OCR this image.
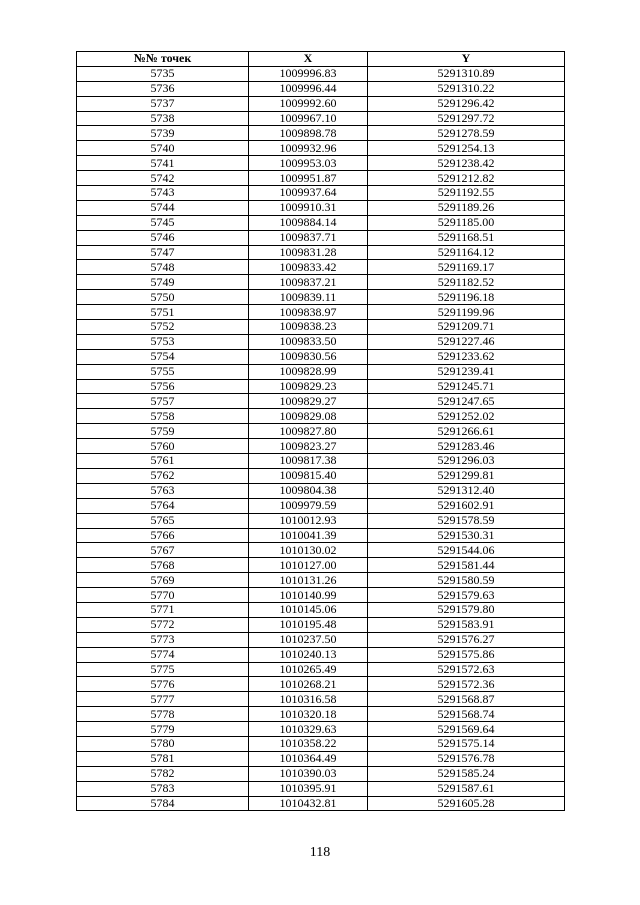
№№ точек	X	Y
5735	1009996.83	5291310.89
5736	1009996.44	5291310.22
5737	1009992.60	5291296.42
5738	1009967.10	5291297.72
5739	1009898.78	5291278.59
5740	1009932.96	5291254.13
5741	1009953.03	5291238.42
5742	1009951.87	5291212.82
5743	1009937.64	5291192.55
5744	1009910.31	5291189.26
5745	1009884.14	5291185.00
5746	1009837.71	5291168.51
5747	1009831.28	5291164.12
5748	1009833.42	5291169.17
5749	1009837.21	5291182.52
5750	1009839.11	5291196.18
5751	1009838.97	5291199.96
5752	1009838.23	5291209.71
5753	1009833.50	5291227.46
5754	1009830.56	5291233.62
5755	1009828.99	5291239.41
5756	1009829.23	5291245.71
5757	1009829.27	5291247.65
5758	1009829.08	5291252.02
5759	1009827.80	5291266.61
5760	1009823.27	5291283.46
5761	1009817.38	5291296.03
5762	1009815.40	5291299.81
5763	1009804.38	5291312.40
5764	1009979.59	5291602.91
5765	1010012.93	5291578.59
5766	1010041.39	5291530.31
5767	1010130.02	5291544.06
5768	1010127.00	5291581.44
5769	1010131.26	5291580.59
5770	1010140.99	5291579.63
5771	1010145.06	5291579.80
5772	1010195.48	5291583.91
5773	1010237.50	5291576.27
5774	1010240.13	5291575.86
5775	1010265.49	5291572.63
5776	1010268.21	5291572.36
5777	1010316.58	5291568.87
5778	1010320.18	5291568.74
5779	1010329.63	5291569.64
5780	1010358.22	5291575.14
5781	1010364.49	5291576.78
5782	1010390.03	5291585.24
5783	1010395.91	5291587.61
5784	1010432.81	5291605.28
118
